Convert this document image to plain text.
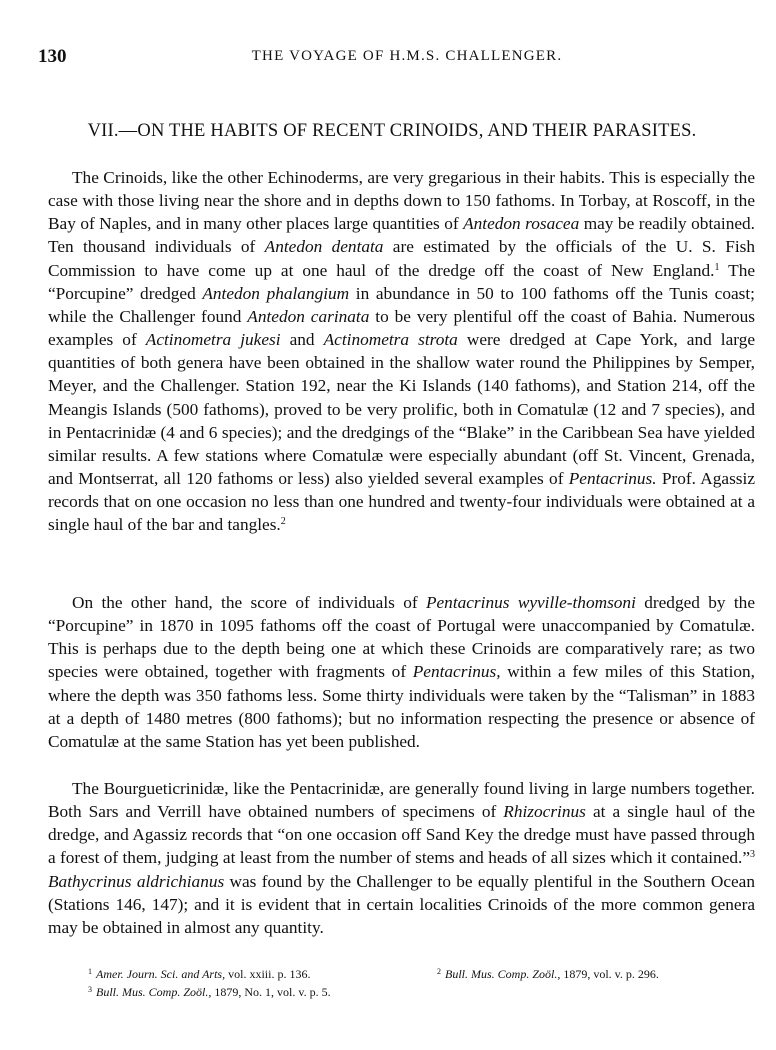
130	THE VOYAGE OF H.M.S. CHALLENGER.
VII.—ON THE HABITS OF RECENT CRINOIDS, AND THEIR PARASITES.

The Crinoids, like the other Echinoderms, are very gregarious in their habits. This is especially the case with those living near the shore and in depths down to 150 fathoms. In Torbay, at Roscoff, in the Bay of Naples, and in many other places large quantities of Antedon rosacea may be readily obtained. Ten thousand individuals of Antedon dentata are estimated by the officials of the U. S. Fish Commission to have come up at one haul of the dredge off the coast of New England.$^1$ The “Porcupine” dredged Antedon phalangium in abundance in 50 to 100 fathoms off the Tunis coast; while the Challenger found Antedon carinata to be very plentiful off the coast of Bahia. Numerous examples of Actinometra jukesi and Actinometra strota were dredged at Cape York, and large quantities of both genera have been obtained in the shallow water round the Philippines by Semper, Meyer, and the Challenger. Station 192, near the Ki Islands (140 fathoms), and Station 214, off the Meangis Islands (500 fathoms), proved to be very prolific, both in Comatulæ (12 and 7 species), and in Pentacrinidæ (4 and 6 species); and the dredgings of the “Blake” in the Caribbean Sea have yielded similar results. A few stations where Comatulæ were especially abundant (off St. Vincent, Grenada, and Montserrat, all 120 fathoms or less) also yielded several examples of Pentacrinus. Prof. Agassiz records that on one occasion no less than one hundred and twenty-four individuals were obtained at a single haul of the bar and tangles.$^2$

On the other hand, the score of individuals of Pentacrinus wyville-thomsoni dredged by the “Porcupine” in 1870 in 1095 fathoms off the coast of Portugal were unaccompanied by Comatulæ. This is perhaps due to the depth being one at which these Crinoids are comparatively rare; as two species were obtained, together with fragments of Pentacrinus, within a few miles of this Station, where the depth was 350 fathoms less. Some thirty individuals were taken by the “Talisman” in 1883 at a depth of 1480 metres (800 fathoms); but no information respecting the presence or absence of Comatulæ at the same Station has yet been published.

The Bourgueticrinidæ, like the Pentacrinidæ, are generally found living in large numbers together. Both Sars and Verrill have obtained numbers of specimens of Rhizocrinus at a single haul of the dredge, and Agassiz records that “on one occasion off Sand Key the dredge must have passed through a forest of them, judging at least from the number of stems and heads of all sizes which it contained.”$^3$ Bathycrinus aldrichianus was found by the Challenger to be equally plentiful in the Southern Ocean (Stations 146, 147); and it is evident that in certain localities Crinoids of the more common genera may be obtained in almost any quantity.

$^1$ Amer. Journ. Sci. and Arts, vol. xxiii. p. 136.	$^2$ Bull. Mus. Comp. Zoöl., 1879, vol. v. p. 296.
$^3$ Bull. Mus. Comp. Zoöl., 1879, No. 1, vol. v. p. 5.
